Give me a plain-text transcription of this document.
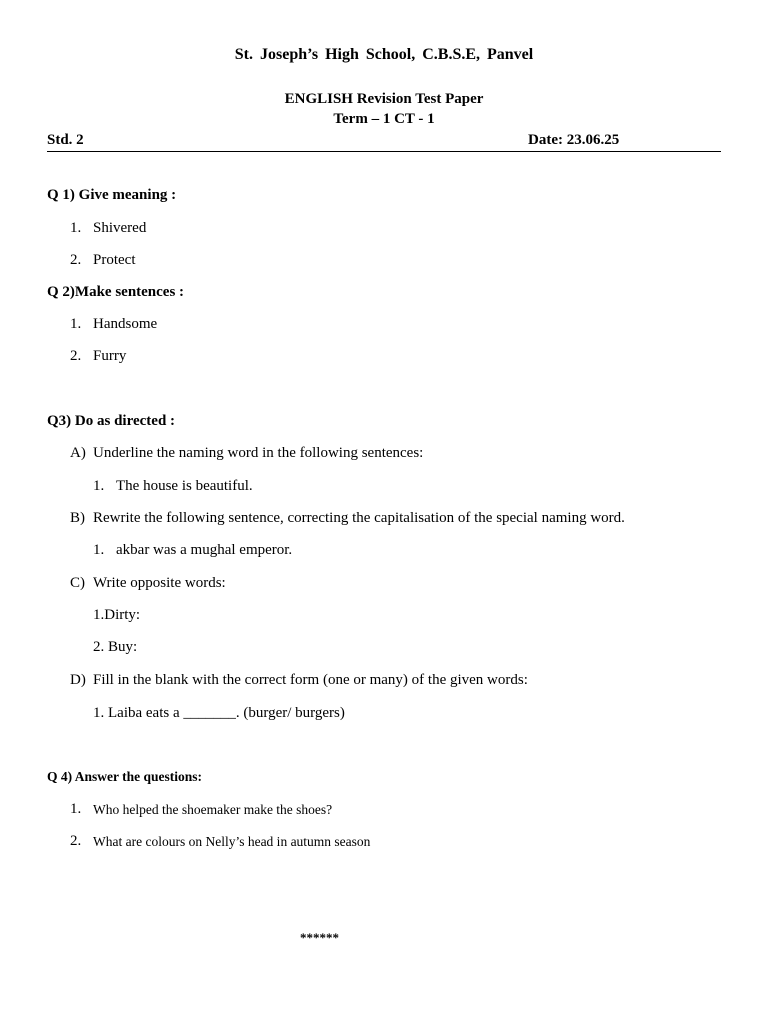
St. Joseph’s High School, C.B.S.E, Panvel
ENGLISH Revision Test Paper
Term – 1 CT - 1
Std. 2	Date: 23.06.25
Q 1) Give meaning :
1. Shivered
2. Protect
Q 2)Make sentences :
1. Handsome
2. Furry
Q3) Do as directed :
A) Underline the naming word in the following sentences:
1. The house is beautiful.
B) Rewrite the following sentence, correcting the capitalisation of the special naming word.
1. akbar was a mughal emperor.
C) Write opposite words:
1.Dirty:
2. Buy:
D) Fill in the blank with the correct form (one or many) of the given words:
1. Laiba eats a _______. (burger/ burgers)
Q 4) Answer the questions:
1. Who helped the shoemaker make the shoes?
2. What are colours on Nelly’s head in autumn season
******
